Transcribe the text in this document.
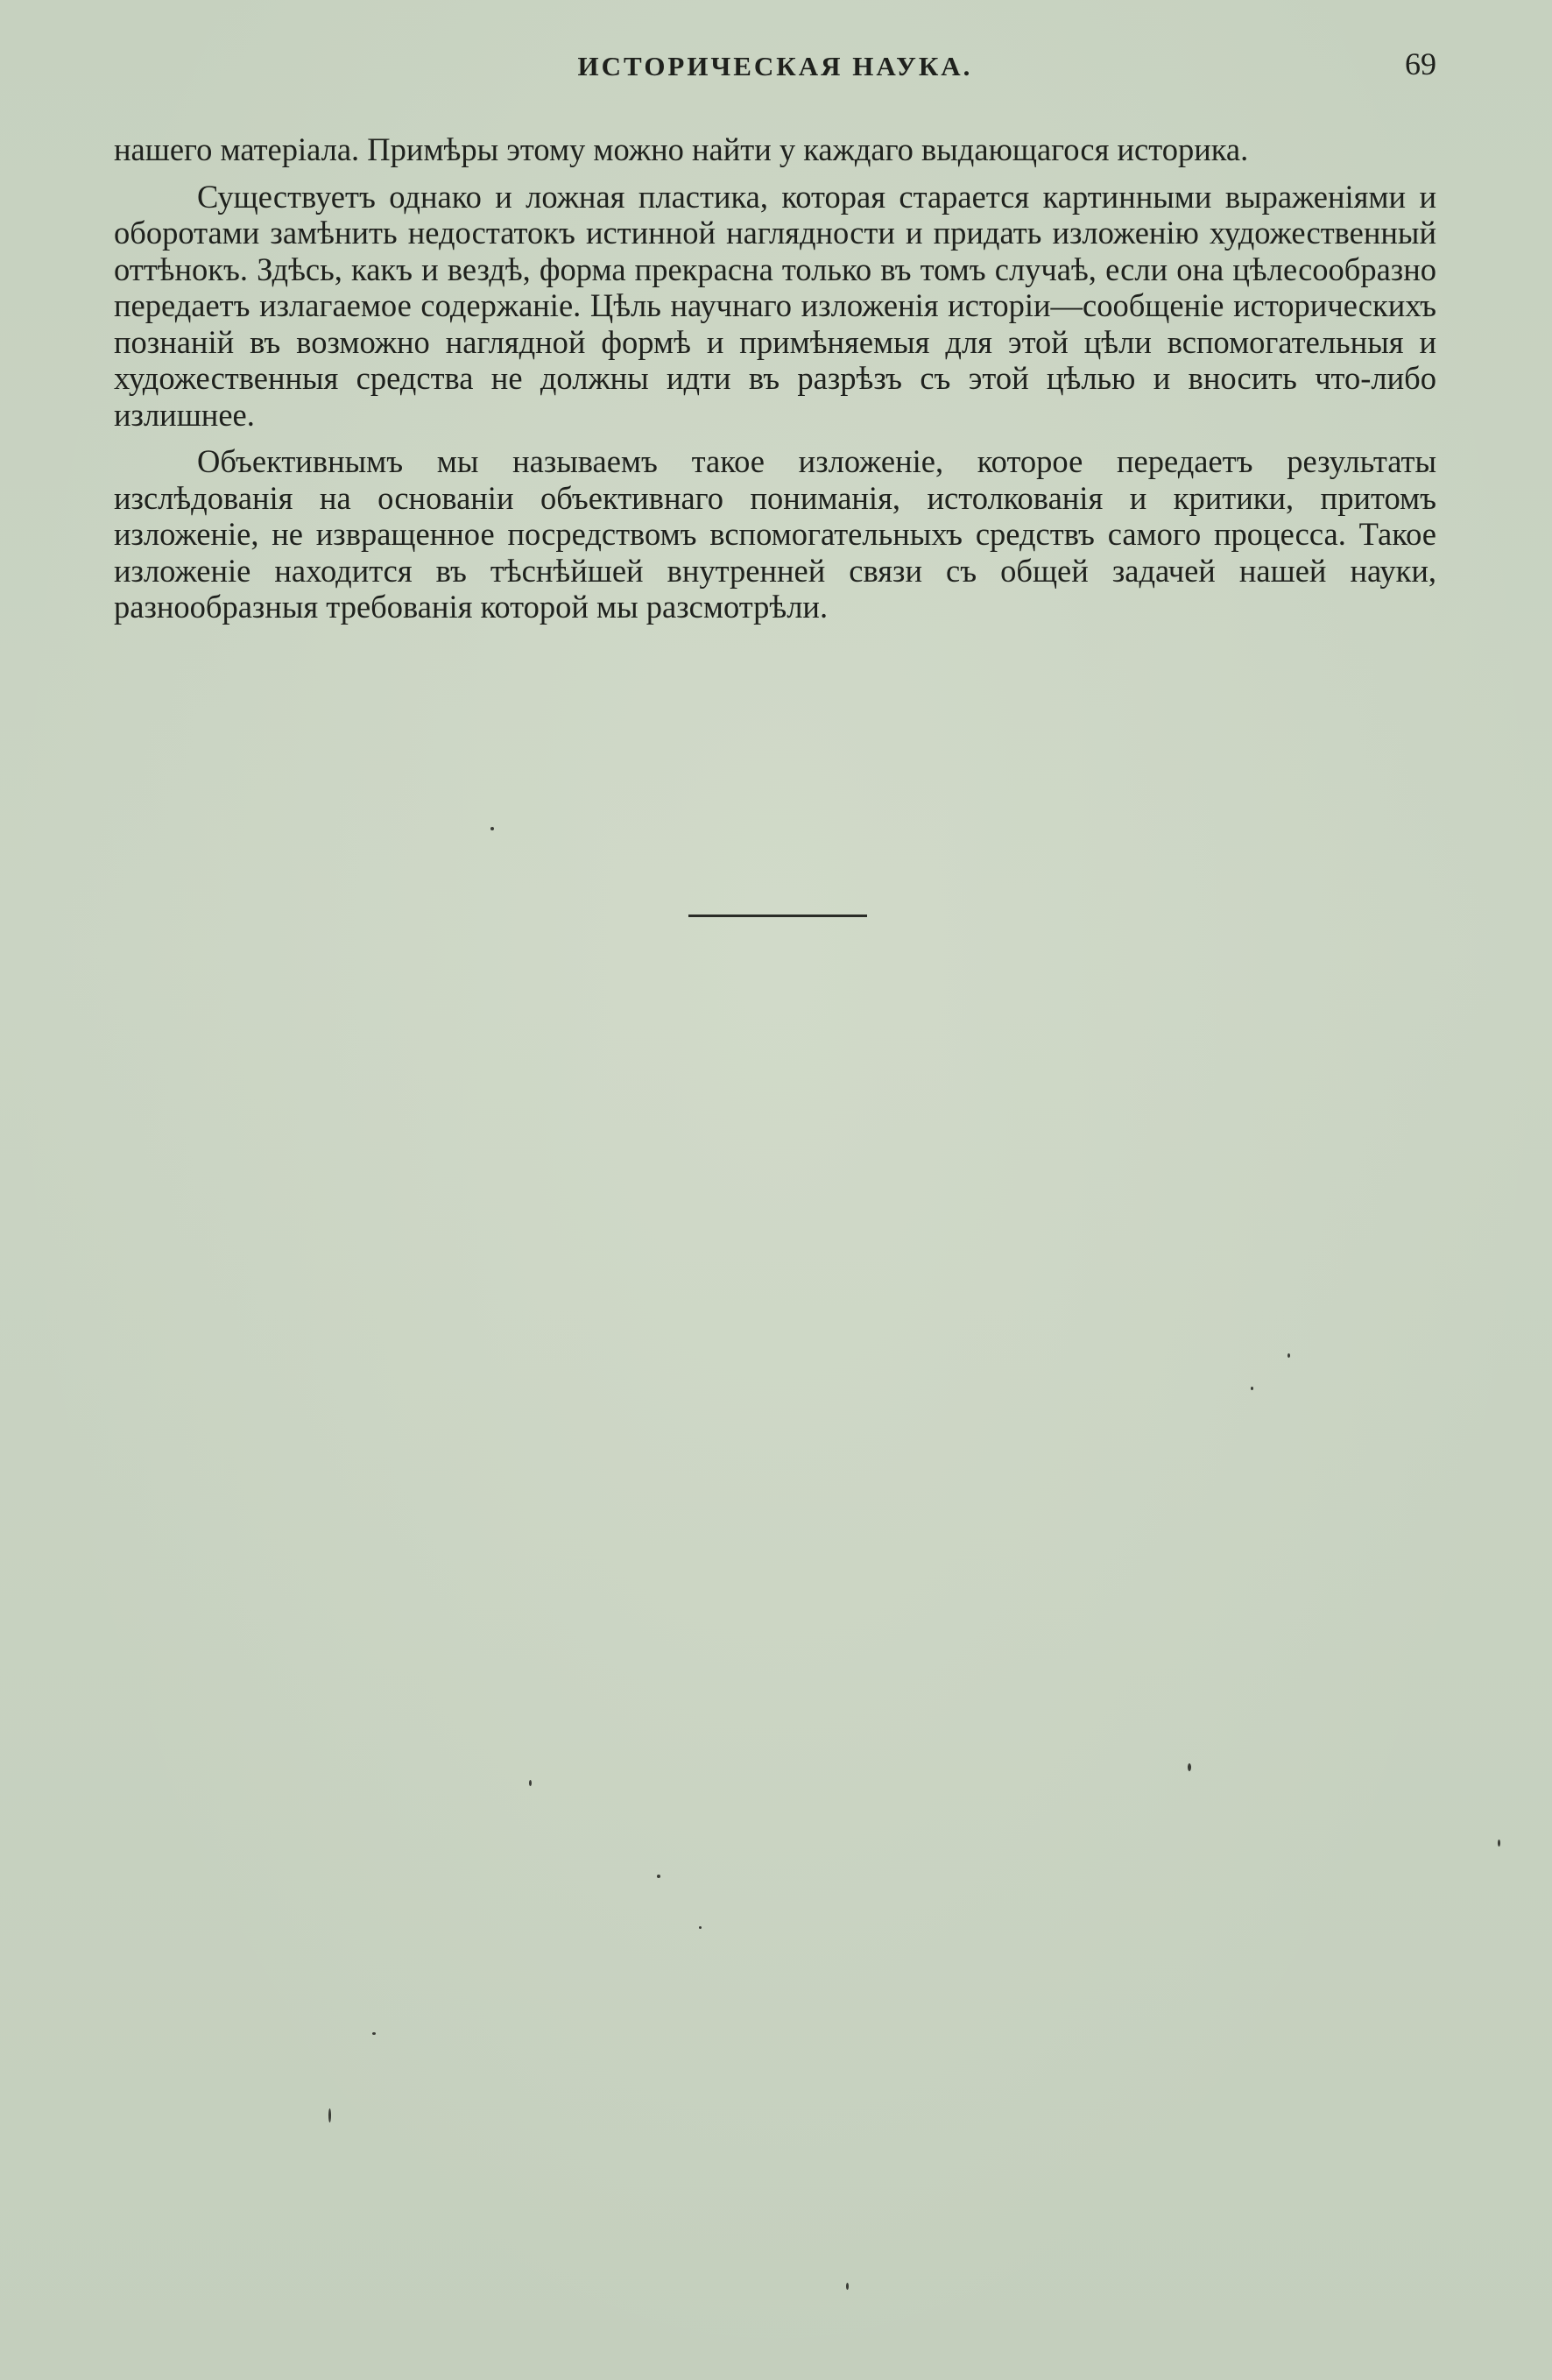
ИСТОРИЧЕСКАЯ НАУКА.	69

нашего матеріала. Примѣры этому можно найти у каждаго выдающагося историка.

Существуетъ однако и ложная пластика, которая старается картинными выраженіями и оборотами замѣнить недостатокъ истинной наглядности и придать изложенію художественный оттѣнокъ. Здѣсь, какъ и вездѣ, форма прекрасна только въ томъ случаѣ, если она цѣлесообразно передаетъ излагаемое содержаніе. Цѣль научнаго изложенія исторіи—сообщеніе историческихъ познаній въ возможно наглядной формѣ и примѣняемыя для этой цѣли вспомогательныя и художественныя средства не должны идти въ разрѣзъ съ этой цѣлью и вносить что-либо излишнее.

Объективнымъ мы называемъ такое изложеніе, которое передаетъ результаты изслѣдованія на основаніи объективнаго пониманія, истолкованія и критики, притомъ изложеніе, не извращенное посредствомъ вспомогательныхъ средствъ самого процесса. Такое изложеніе находится въ тѣснѣйшей внутренней связи съ общей задачей нашей науки, разнообразныя требованія которой мы разсмотрѣли.
